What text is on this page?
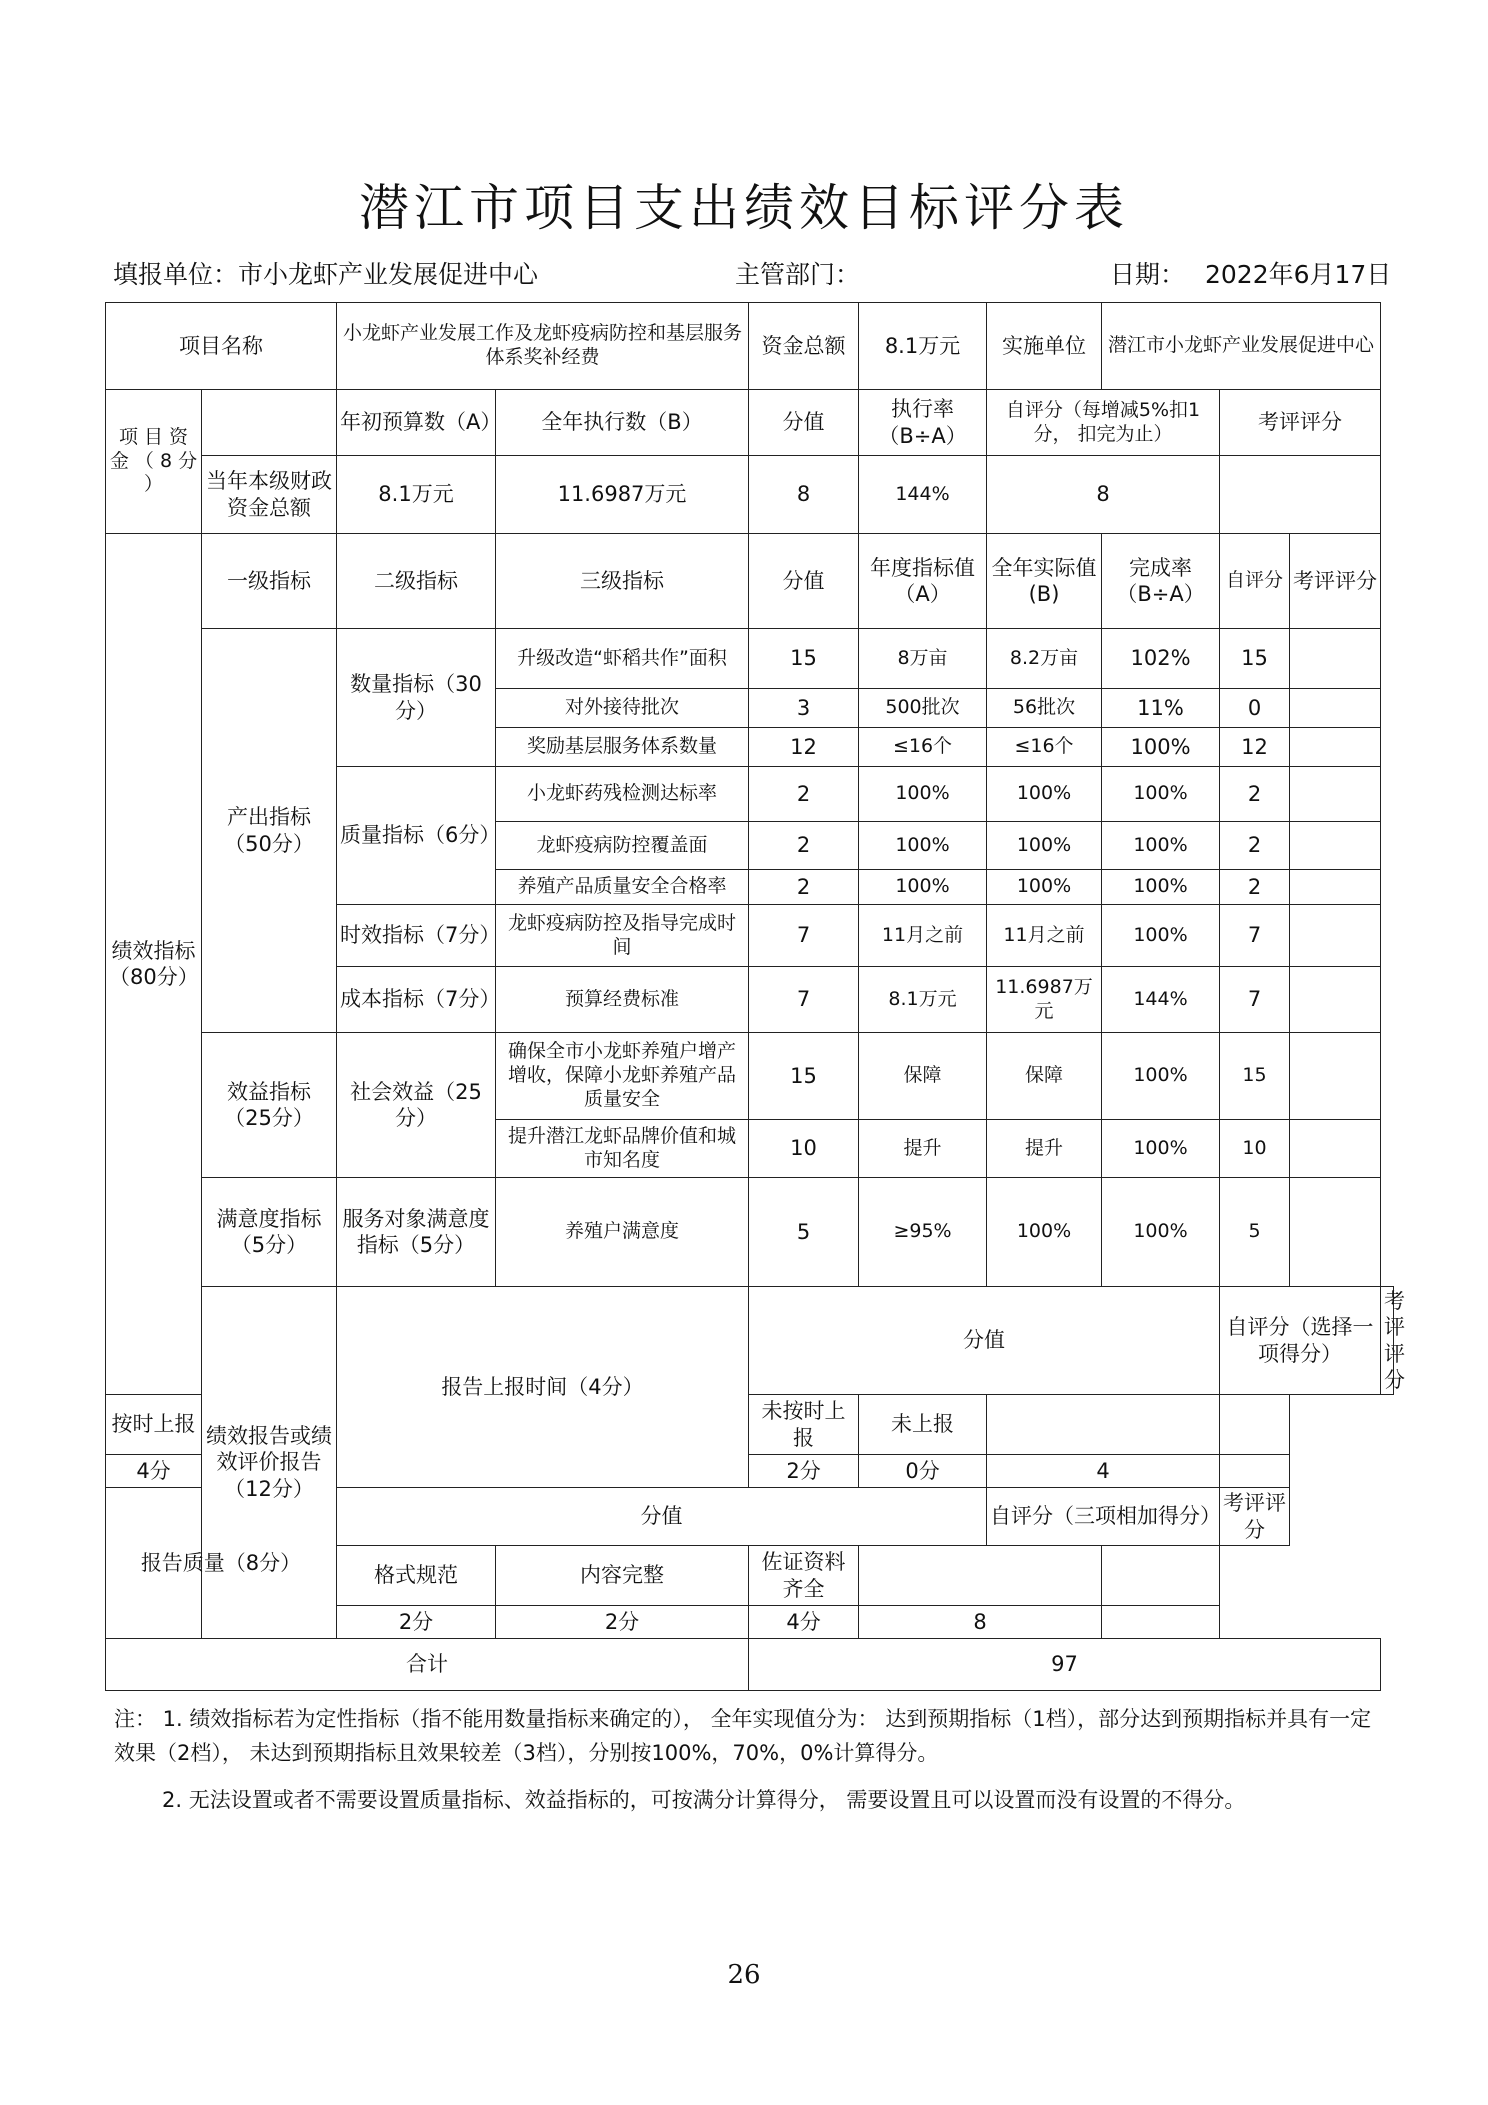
潜江市项目支出绩效目标评分表
填报单位：市小龙虾产业发展促进中心	主管部门：	日期： 2022年6月17日
项目名称		小龙虾产业发展工作及龙虾疫病防控和基层服务体系奖补经费		资金总额	8.1万元	实施单位	潜江市小龙虾产业发展促进中心			
项 目 资 金 （ 8 分 ）		年初预算数（A）	全年执行数（B）	分值	执行率（B÷A）	自评分（每增减5%扣1分， 扣完为止）		考评评分		
	当年本级财政资金总额	8.1万元	11.6987万元	8	144%	8				
绩效指标（80分）	一级指标	二级指标	三级指标	分值	年度指标值（A）	全年实际值(B)	完成率（B÷A）	自评分	考评评分	
	产出指标（50分）	数量指标（30分）	升级改造“虾稻共作”面积	15	8万亩	8.2万亩	102%	15		
			对外接待批次	3	500批次	56批次	11%	0		
			奖励基层服务体系数量	12	≤16个	≤16个	100%	12		
		质量指标（6分）	小龙虾药残检测达标率	2	100%	100%	100%	2		
			龙虾疫病防控覆盖面	2	100%	100%	100%	2		
			养殖产品质量安全合格率	2	100%	100%	100%	2		
		时效指标（7分）	龙虾疫病防控及指导完成时间	7	11月之前	11月之前	100%	7		
		成本指标（7分）	预算经费标准	7	8.1万元	11.6987万元	144%	7		
	效益指标（25分）	社会效益（25分）	确保全市小龙虾养殖户增产增收，保障小龙虾养殖产品质量安全	15	保障	保障	100%	15		
			提升潜江龙虾品牌价值和城市知名度	10	提升	提升	100%	10		
	满意度指标（5分）	服务对象满意度指标（5分）	养殖户满意度	5	≥95%	100%	100%	5		
	绩效报告或绩效评价报告（12分）	报告上报时间（4分）		分值				自评分（选择一项得分）		考评评分
按时上报				未按时上报	未上报					
4分				2分	0分	4				
报告质量（8分）		分值				自评分（三项相加得分）		考评评分		
		格式规范	内容完整	佐证资料齐全						
		2分	2分	4分	8					
合计				97						

注： 1. 绩效指标若为定性指标（指不能用数量指标来确定的）， 全年实现值分为： 达到预期指标（1档），部分达到预期指标并具有一定效果（2档）， 未达到预期指标且效果较差（3档），分别按100%，70%，0%计算得分。

2. 无法设置或者不需要设置质量指标、效益指标的，可按满分计算得分， 需要设置且可以设置而没有设置的不得分。

26
